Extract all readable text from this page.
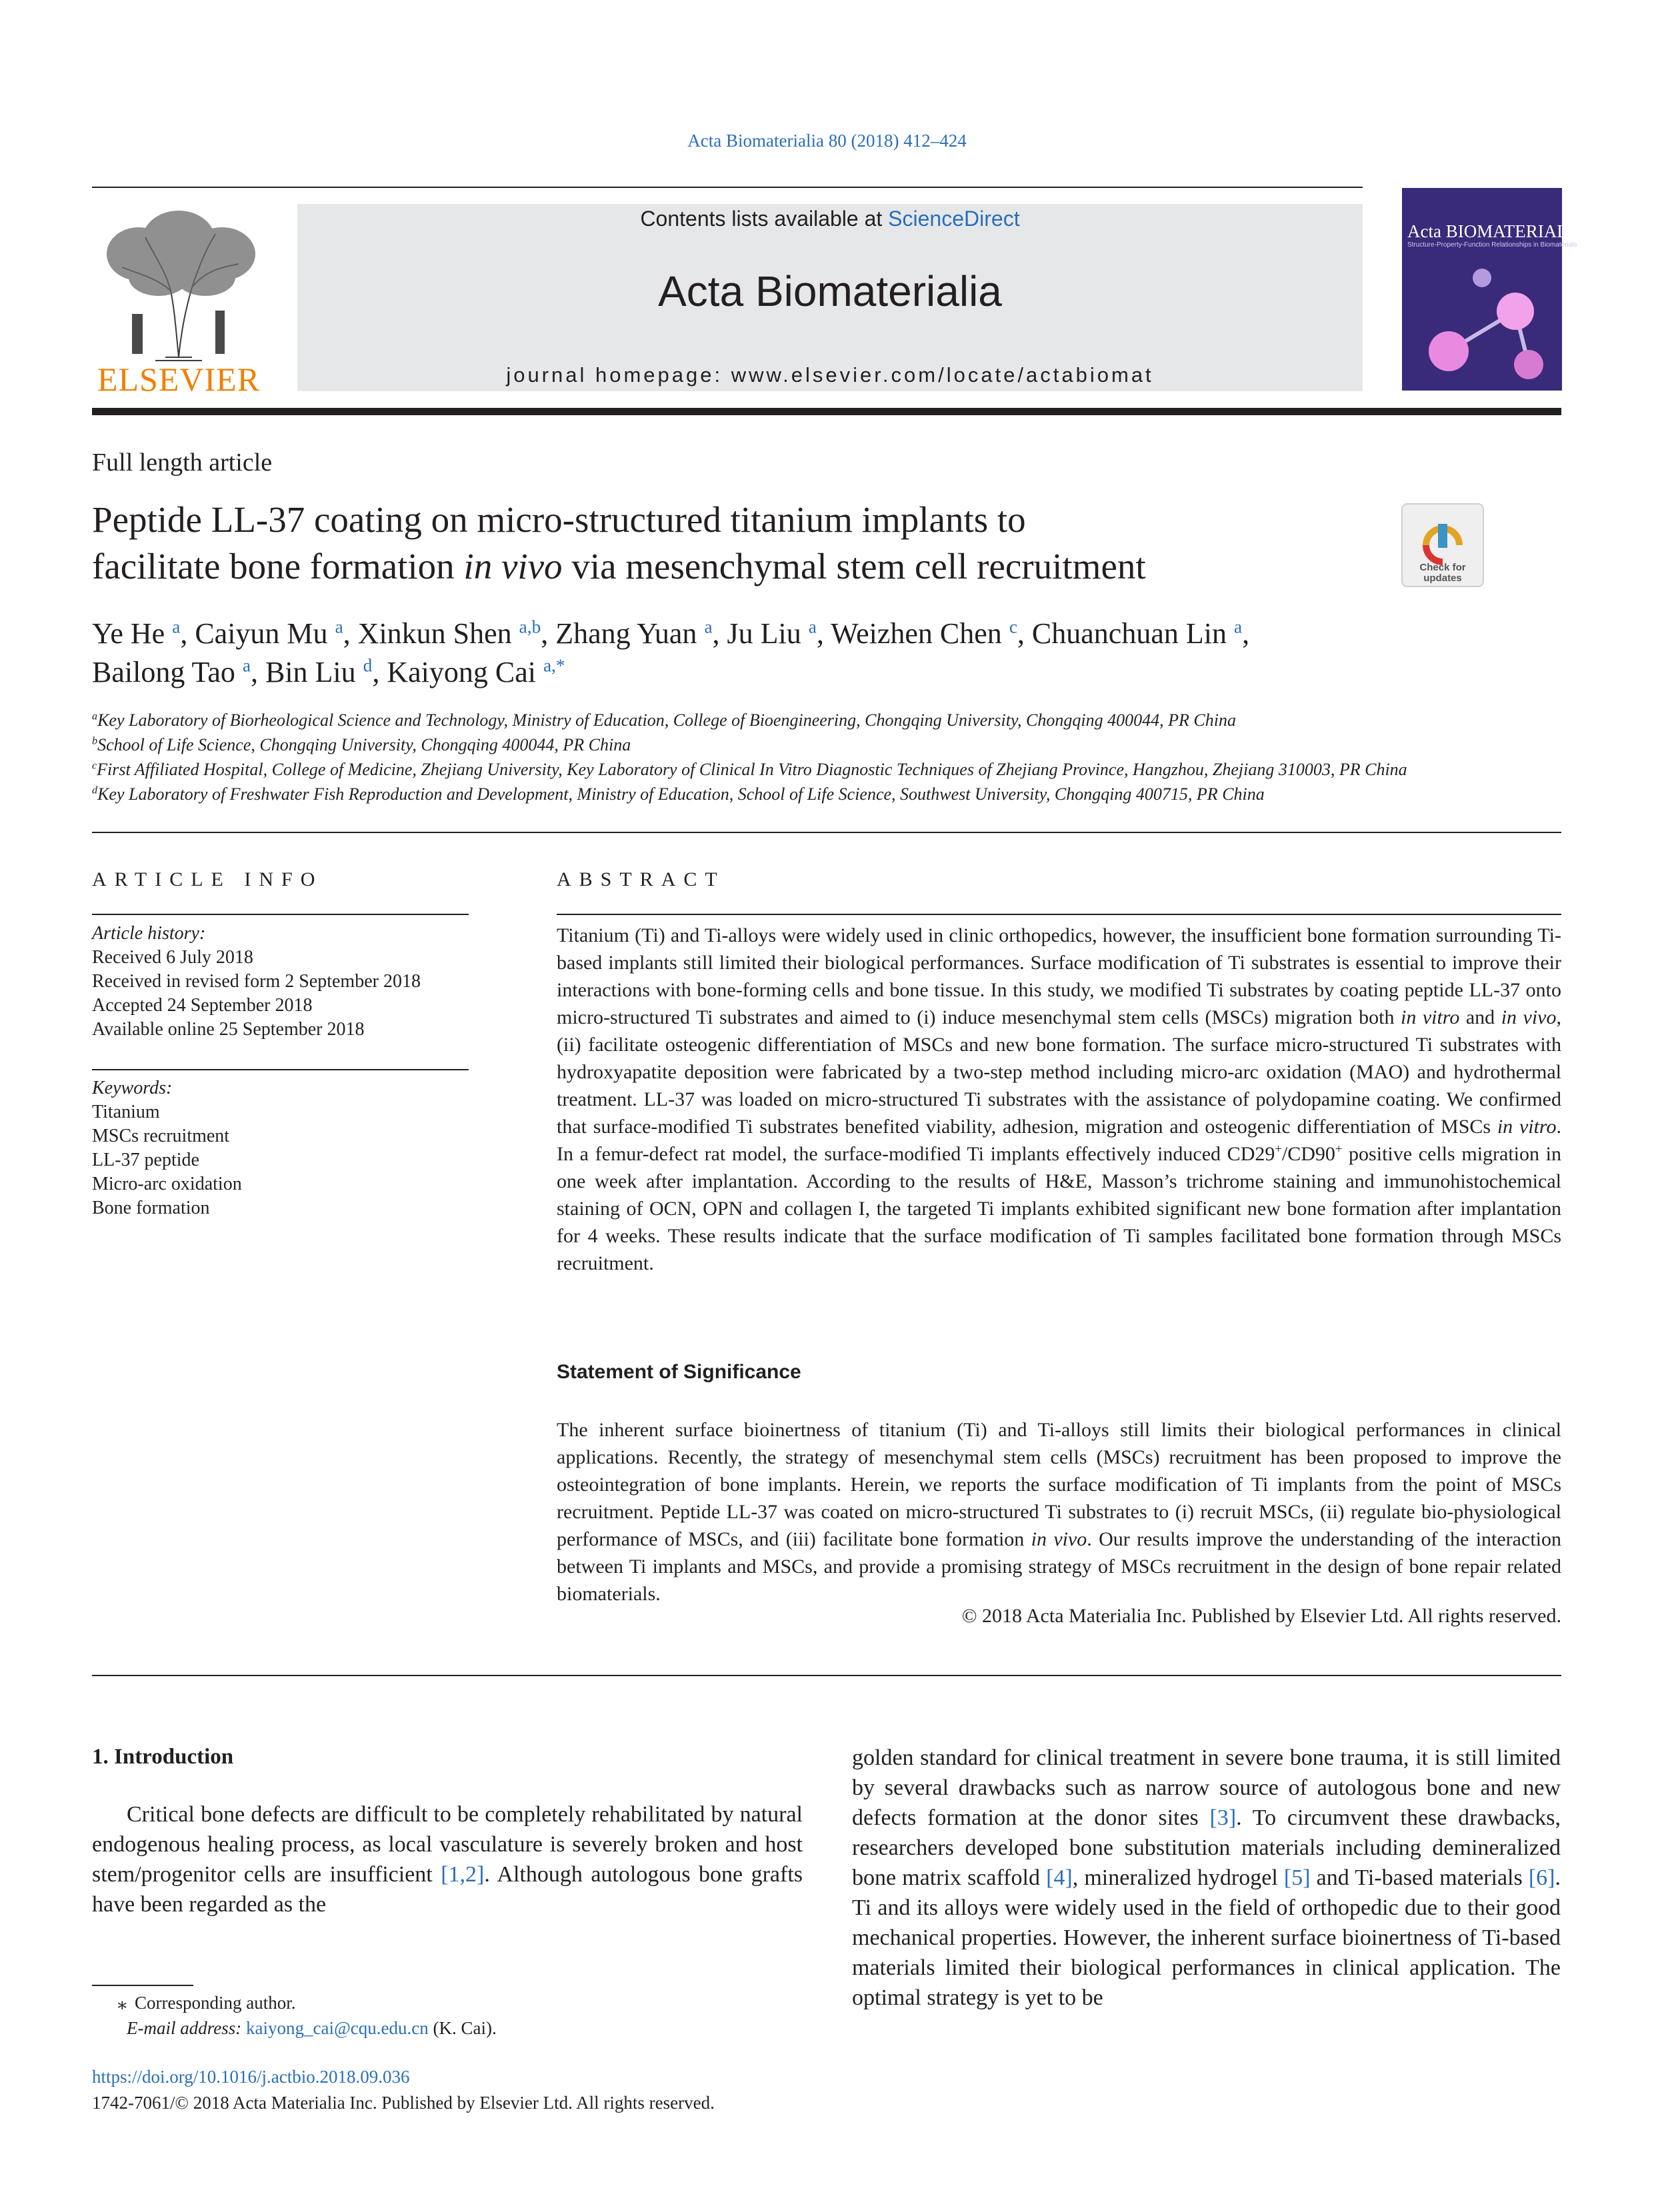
Acta Biomaterialia 80 (2018) 412–424
ELSEVIER
Contents lists available at ScienceDirect
Acta Biomaterialia
journal homepage: www.elsevier.com/locate/actabiomat
Acta BIOMATERIALIA
Structure-Property-Function Relationships in Biomaterials
Full length article
Peptide LL-37 coating on micro-structured titanium implants to
facilitate bone formation in vivo via mesenchymal stem cell recruitment	Check for updates
Ye He $^a$, Caiyun Mu $^a$, Xinkun Shen $^{a,b}$, Zhang Yuan $^a$, Ju Liu $^a$, Weizhen Chen $^c$, Chuanchuan Lin $^a$,
Bailong Tao $^a$, Bin Liu $^d$, Kaiyong Cai $^{a,*}$
$^a$Key Laboratory of Biorheological Science and Technology, Ministry of Education, College of Bioengineering, Chongqing University, Chongqing 400044, PR China
$^b$School of Life Science, Chongqing University, Chongqing 400044, PR China
$^c$First Affiliated Hospital, College of Medicine, Zhejiang University, Key Laboratory of Clinical In Vitro Diagnostic Techniques of Zhejiang Province, Hangzhou, Zhejiang 310003, PR China
$^d$Key Laboratory of Freshwater Fish Reproduction and Development, Ministry of Education, School of Life Science, Southwest University, Chongqing 400715, PR China
ARTICLE INFO
Article history:
Received 6 July 2018
Received in revised form 2 September 2018
Accepted 24 September 2018
Available online 25 September 2018
Keywords:
Titanium
MSCs recruitment
LL-37 peptide
Micro-arc oxidation
Bone formation
ABSTRACT

Titanium (Ti) and Ti-alloys were widely used in clinic orthopedics, however, the insufficient bone formation surrounding Ti-based implants still limited their biological performances. Surface modification of Ti substrates is essential to improve their interactions with bone-forming cells and bone tissue. In this study, we modified Ti substrates by coating peptide LL-37 onto micro-structured Ti substrates and aimed to (i) induce mesenchymal stem cells (MSCs) migration both in vitro and in vivo, (ii) facilitate osteogenic differentiation of MSCs and new bone formation. The surface micro-structured Ti substrates with hydroxyapatite deposition were fabricated by a two-step method including micro-arc oxidation (MAO) and hydrothermal treatment. LL-37 was loaded on micro-structured Ti substrates with the assistance of polydopamine coating. We confirmed that surface-modified Ti substrates benefited viability, adhesion, migration and osteogenic differentiation of MSCs in vitro. In a femur-defect rat model, the surface-modified Ti implants effectively induced CD29+/CD90+ positive cells migration in one week after implantation. According to the results of H&E, Masson’s trichrome staining and immunohistochemical staining of OCN, OPN and collagen I, the targeted Ti implants exhibited significant new bone formation after implantation for 4 weeks. These results indicate that the surface modification of Ti samples facilitated bone formation through MSCs recruitment.

Statement of Significance

The inherent surface bioinertness of titanium (Ti) and Ti-alloys still limits their biological performances in clinical applications. Recently, the strategy of mesenchymal stem cells (MSCs) recruitment has been proposed to improve the osteointegration of bone implants. Herein, we reports the surface modification of Ti implants from the point of MSCs recruitment. Peptide LL-37 was coated on micro-structured Ti substrates to (i) recruit MSCs, (ii) regulate bio-physiological performance of MSCs, and (iii) facilitate bone formation in vivo. Our results improve the understanding of the interaction between Ti implants and MSCs, and provide a promising strategy of MSCs recruitment in the design of bone repair related biomaterials.

© 2018 Acta Materialia Inc. Published by Elsevier Ltd. All rights reserved.
1. Introduction

Critical bone defects are difficult to be completely rehabilitated by natural endogenous healing process, as local vasculature is severely broken and host stem/progenitor cells are insufficient [1,2]. Although autologous bone grafts have been regarded as the

golden standard for clinical treatment in severe bone trauma, it is still limited by several drawbacks such as narrow source of autologous bone and new defects formation at the donor sites [3]. To circumvent these drawbacks, researchers developed bone substitution materials including demineralized bone matrix scaffold [4], mineralized hydrogel [5] and Ti-based materials [6]. Ti and its alloys were widely used in the field of orthopedic due to their good mechanical properties. However, the inherent surface bioinertness of Ti-based materials limited their biological performances in clinical application. The optimal strategy is yet to be

⁎ Corresponding author.
E-mail address: kaiyong_cai@cqu.edu.cn (K. Cai).
https://doi.org/10.1016/j.actbio.2018.09.036
1742-7061/© 2018 Acta Materialia Inc. Published by Elsevier Ltd. All rights reserved.
